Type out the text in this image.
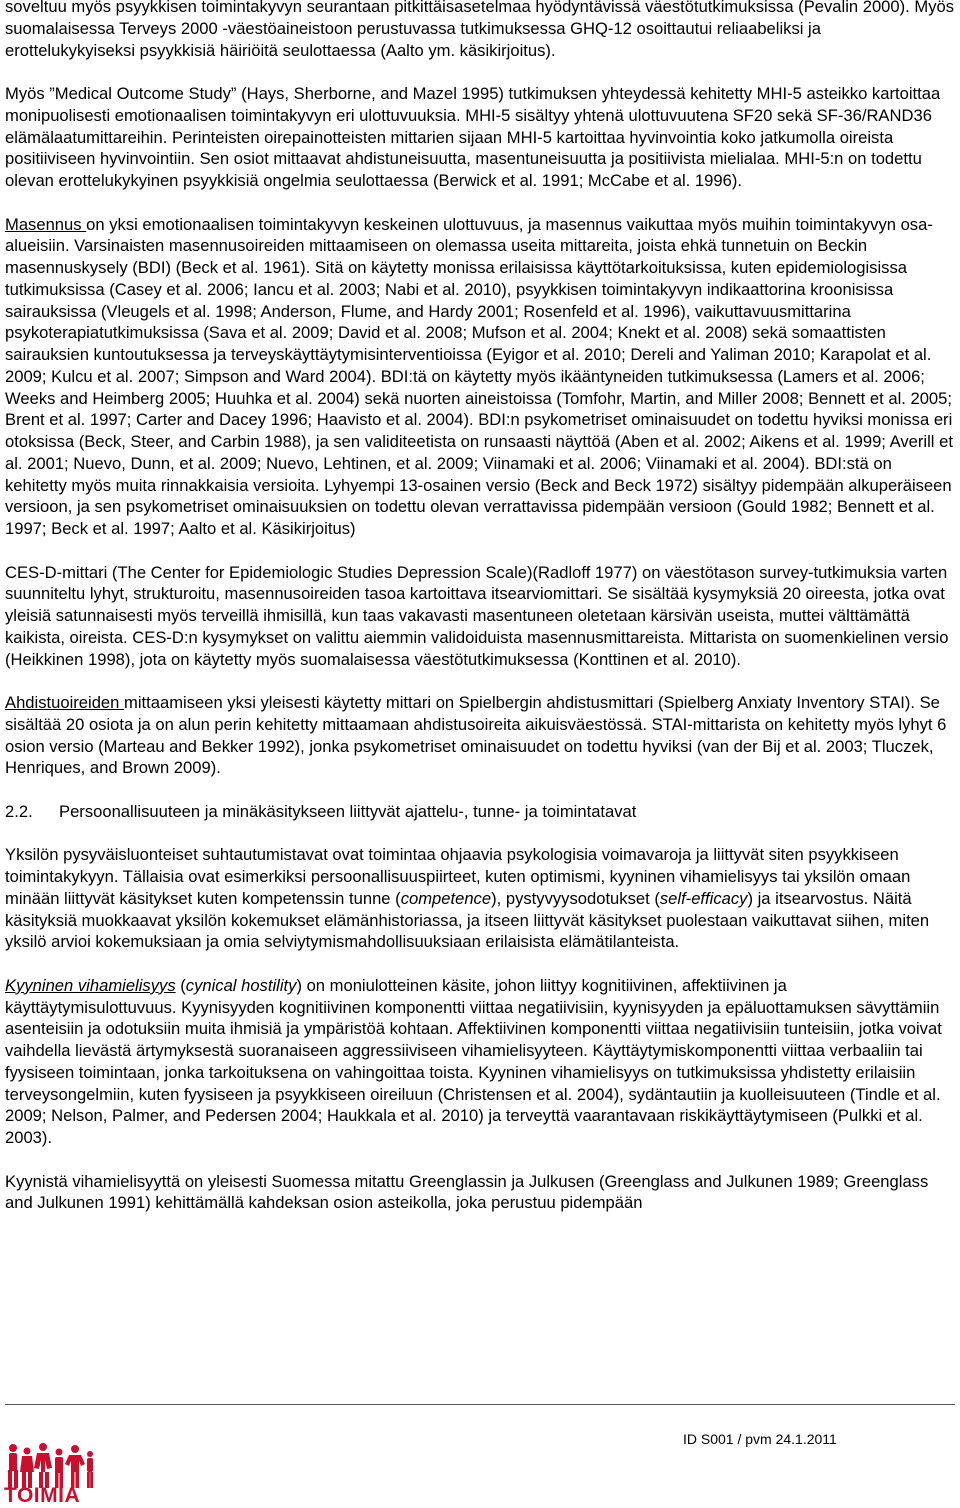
soveltuu myös psyykkisen toimintakyvyn seurantaan pitkittäisasetelmaa hyödyntävissä väestötutkimuksissa (Pevalin 2000). Myös suomalaisessa Terveys 2000 -väestöaineistoon perustuvassa tutkimuksessa GHQ-12 osoittautui reliaabeliksi ja erottelukykyiseksi psyykkisiä häiriöitä seulottaessa (Aalto ym. käsikirjoitus).

Myös ”Medical Outcome Study” (Hays, Sherborne, and Mazel 1995) tutkimuksen yhteydessä kehitetty MHI-5 asteikko kartoittaa monipuolisesti emotionaalisen toimintakyvyn eri ulottuvuuksia. MHI-5 sisältyy yhtenä ulottuvuutena SF20 sekä SF-36/RAND36 elämälaatumittareihin. Perinteisten oirepainotteisten mittarien sijaan MHI-5 kartoittaa hyvinvointia koko jatkumolla oireista positiiviseen hyvinvointiin. Sen osiot mittaavat ahdistuneisuutta, masentuneisuutta ja positiivista mielialaa. MHI-5:n on todettu olevan erottelukykyinen psyykkisiä ongelmia seulottaessa (Berwick et al. 1991; McCabe et al. 1996).

Masennus on yksi emotionaalisen toimintakyvyn keskeinen ulottuvuus, ja masennus vaikuttaa myös muihin toimintakyvyn osa-alueisiin. Varsinaisten masennusoireiden mittaamiseen on olemassa useita mittareita, joista ehkä tunnetuin on Beckin masennuskysely (BDI) (Beck et al. 1961). Sitä on käytetty monissa erilaisissa käyttötarkoituksissa, kuten epidemiologisissa tutkimuksissa (Casey et al. 2006; Iancu et al. 2003; Nabi et al. 2010), psyykkisen toimintakyvyn indikaattorina kroonisissa sairauksissa (Vleugels et al. 1998; Anderson, Flume, and Hardy 2001; Rosenfeld et al. 1996), vaikuttavuusmittarina psykoterapiatutkimuksissa (Sava et al. 2009; David et al. 2008; Mufson et al. 2004; Knekt et al. 2008) sekä somaattisten sairauksien kuntoutuksessa ja terveyskäyttäytymisinterventioissa (Eyigor et al. 2010; Dereli and Yaliman 2010; Karapolat et al. 2009; Kulcu et al. 2007; Simpson and Ward 2004). BDI:tä on käytetty myös ikääntyneiden tutkimuksessa (Lamers et al. 2006; Weeks and Heimberg 2005; Huuhka et al. 2004) sekä nuorten aineistoissa (Tomfohr, Martin, and Miller 2008; Bennett et al. 2005; Brent et al. 1997; Carter and Dacey 1996; Haavisto et al. 2004). BDI:n psykometriset ominaisuudet on todettu hyviksi monissa eri otoksissa (Beck, Steer, and Carbin 1988), ja sen validiteetista on runsaasti näyttöä (Aben et al. 2002; Aikens et al. 1999; Averill et al. 2001; Nuevo, Dunn, et al. 2009; Nuevo, Lehtinen, et al. 2009; Viinamaki et al. 2006; Viinamaki et al. 2004). BDI:stä on kehitetty myös muita rinnakkaisia versioita. Lyhyempi 13-osainen versio (Beck and Beck 1972) sisältyy pidempään alkuperäiseen versioon, ja sen psykometriset ominaisuuksien on todettu olevan verrattavissa pidempään versioon (Gould 1982; Bennett et al. 1997; Beck et al. 1997; Aalto et al. Käsikirjoitus)

CES-D-mittari (The Center for Epidemiologic Studies Depression Scale)(Radloff 1977) on väestötason survey-tutkimuksia varten suunniteltu lyhyt, strukturoitu, masennusoireiden tasoa kartoittava itsearviomittari. Se sisältää kysymyksiä 20 oireesta, jotka ovat yleisiä satunnaisesti myös terveillä ihmisillä, kun taas vakavasti masentuneen oletetaan kärsivän useista, muttei välttämättä kaikista, oireista. CES-D:n kysymykset on valittu aiemmin validoiduista masennusmittareista. Mittarista on suomenkielinen versio (Heikkinen 1998), jota on käytetty myös suomalaisessa väestötutkimuksessa (Konttinen et al. 2010).

Ahdistuoireiden mittaamiseen yksi yleisesti käytetty mittari on Spielbergin ahdistusmittari (Spielberg Anxiaty Inventory STAI). Se sisältää 20 osiota ja on alun perin kehitetty mittaamaan ahdistusoireita aikuisväestössä. STAI-mittarista on kehitetty myös lyhyt 6 osion versio (Marteau and Bekker 1992), jonka psykometriset ominaisuudet on todettu hyviksi (van der Bij et al. 2003; Tluczek, Henriques, and Brown 2009).

2.2.	Persoonallisuuteen ja minäkäsitykseen liittyvät ajattelu-, tunne- ja toimintatavat

Yksilön pysyväisluonteiset suhtautumistavat ovat toimintaa ohjaavia psykologisia voimavaroja ja liittyvät siten psyykkiseen toimintakykyyn. Tällaisia ovat esimerkiksi persoonallisuuspiirteet, kuten optimismi, kyyninen vihamielisyys tai yksilön omaan minään liittyvät käsitykset kuten kompetenssin tunne (competence), pystyvyysodotukset (self-efficacy) ja itsearvostus. Näitä käsityksiä muokkaavat yksilön kokemukset elämänhistoriassa, ja itseen liittyvät käsitykset puolestaan vaikuttavat siihen, miten yksilö arvioi kokemuksiaan ja omia selviytymismahdollisuuksiaan erilaisista elämätilanteista.

Kyyninen vihamielisyys (cynical hostility) on moniulotteinen käsite, johon liittyy kognitiivinen, affektiivinen ja käyttäytymisulottuvuus. Kyynisyyden kognitiivinen komponentti viittaa negatiivisiin, kyynisyyden ja epäluottamuksen sävyttämiin asenteisiin ja odotuksiin muita ihmisiä ja ympäristöä kohtaan. Affektiivinen komponentti viittaa negatiivisiin tunteisiin, jotka voivat vaihdella lievästä ärtymyksestä suoranaiseen aggressiiviseen vihamielisyyteen. Käyttäytymiskomponentti viittaa verbaaliin tai fyysiseen toimintaan, jonka tarkoituksena on vahingoittaa toista. Kyyninen vihamielisyys on tutkimuksissa yhdistetty erilaisiin terveysongelmiin, kuten fyysiseen ja psyykkiseen oireiluun (Christensen et al. 2004), sydäntautiin ja kuolleisuuteen (Tindle et al. 2009; Nelson, Palmer, and Pedersen 2004; Haukkala et al. 2010) ja terveyttä vaarantavaan riskikäyttäytymiseen (Pulkki et al. 2003).

Kyynistä vihamielisyyttä on yleisesti Suomessa mitattu Greenglassin ja Julkusen (Greenglass and Julkunen 1989; Greenglass and Julkunen 1991) kehittämällä kahdeksan osion asteikolla, joka perustuu pidempään

TOIMIA
ID S001 / pvm 24.1.2011
